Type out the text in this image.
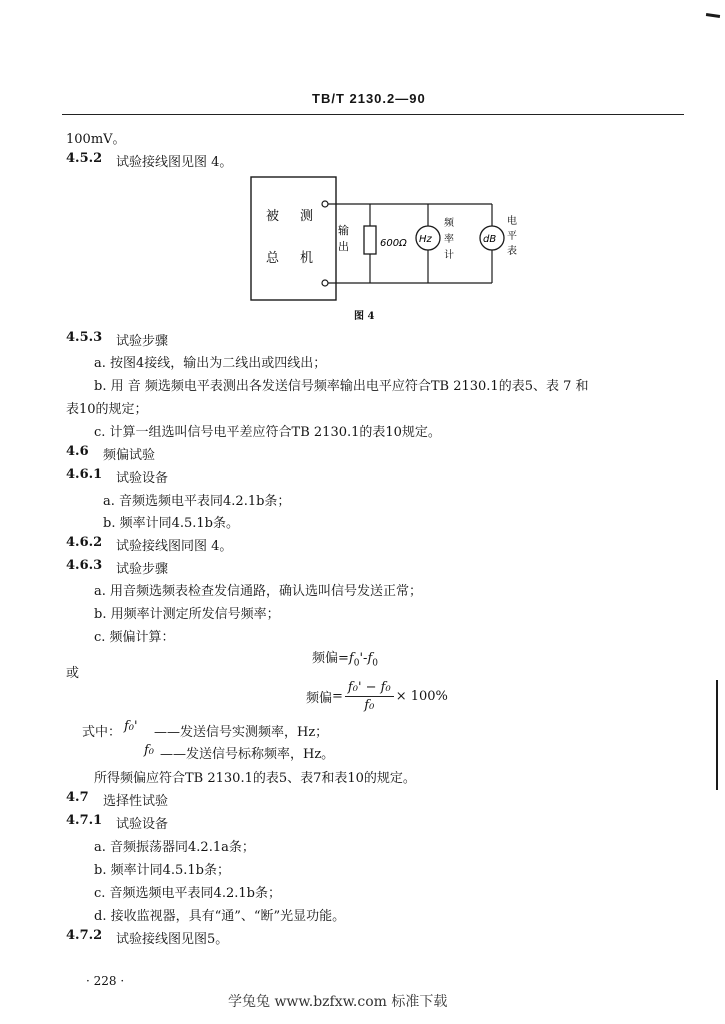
TB/T 2130.2—90
100mV。
4.5.2 试验接线图见图 4。
被 测
总 机
输
出	600Ω Hz
频
率
计
dB
电
平
表
图 4
4.5.3 试验步骤
a. 按图4接线，输出为二线出或四线出；
b. 用 音 频选频电平表测出各发送信号频率输出电平应符合TB 2130.1的表5、表 7 和
表10的规定；
c. 计算一组选叫信号电平差应符合TB 2130.1的表10规定。
4.6 频偏试验
4.6.1 试验设备
a. 音频选频电平表同4.2.1b条；
b. 频率计同4.5.1b条。
4.6.2 试验接线图同图 4。
4.6.3 试验步骤
a. 用音频选频表检查发信通路，确认选叫信号发送正常；
b. 用频率计测定所发信号频率；
c. 频偏计算：
频偏$=f_0'-f_0$
或
频偏= $\frac{\text{f₀' − f₀}}{\text{f₀}} \times 100\%$
式中： f₀' ——发送信号实测频率，Hz；
f₀ ——发送信号标称频率，Hz。
所得频偏应符合TB 2130.1的表5、表7和表10的规定。
4.7 选择性试验
4.7.1 试验设备
a. 音频振荡器同4.2.1a条；
b. 频率计同4.5.1b条；
c. 音频选频电平表同4.2.1b条；
d. 接收监视器，具有“通”、“断”光显功能。
4.7.2 试验接线图见图5。
· 228 ·
学兔兔 www.bzfxw.com 标准下载
